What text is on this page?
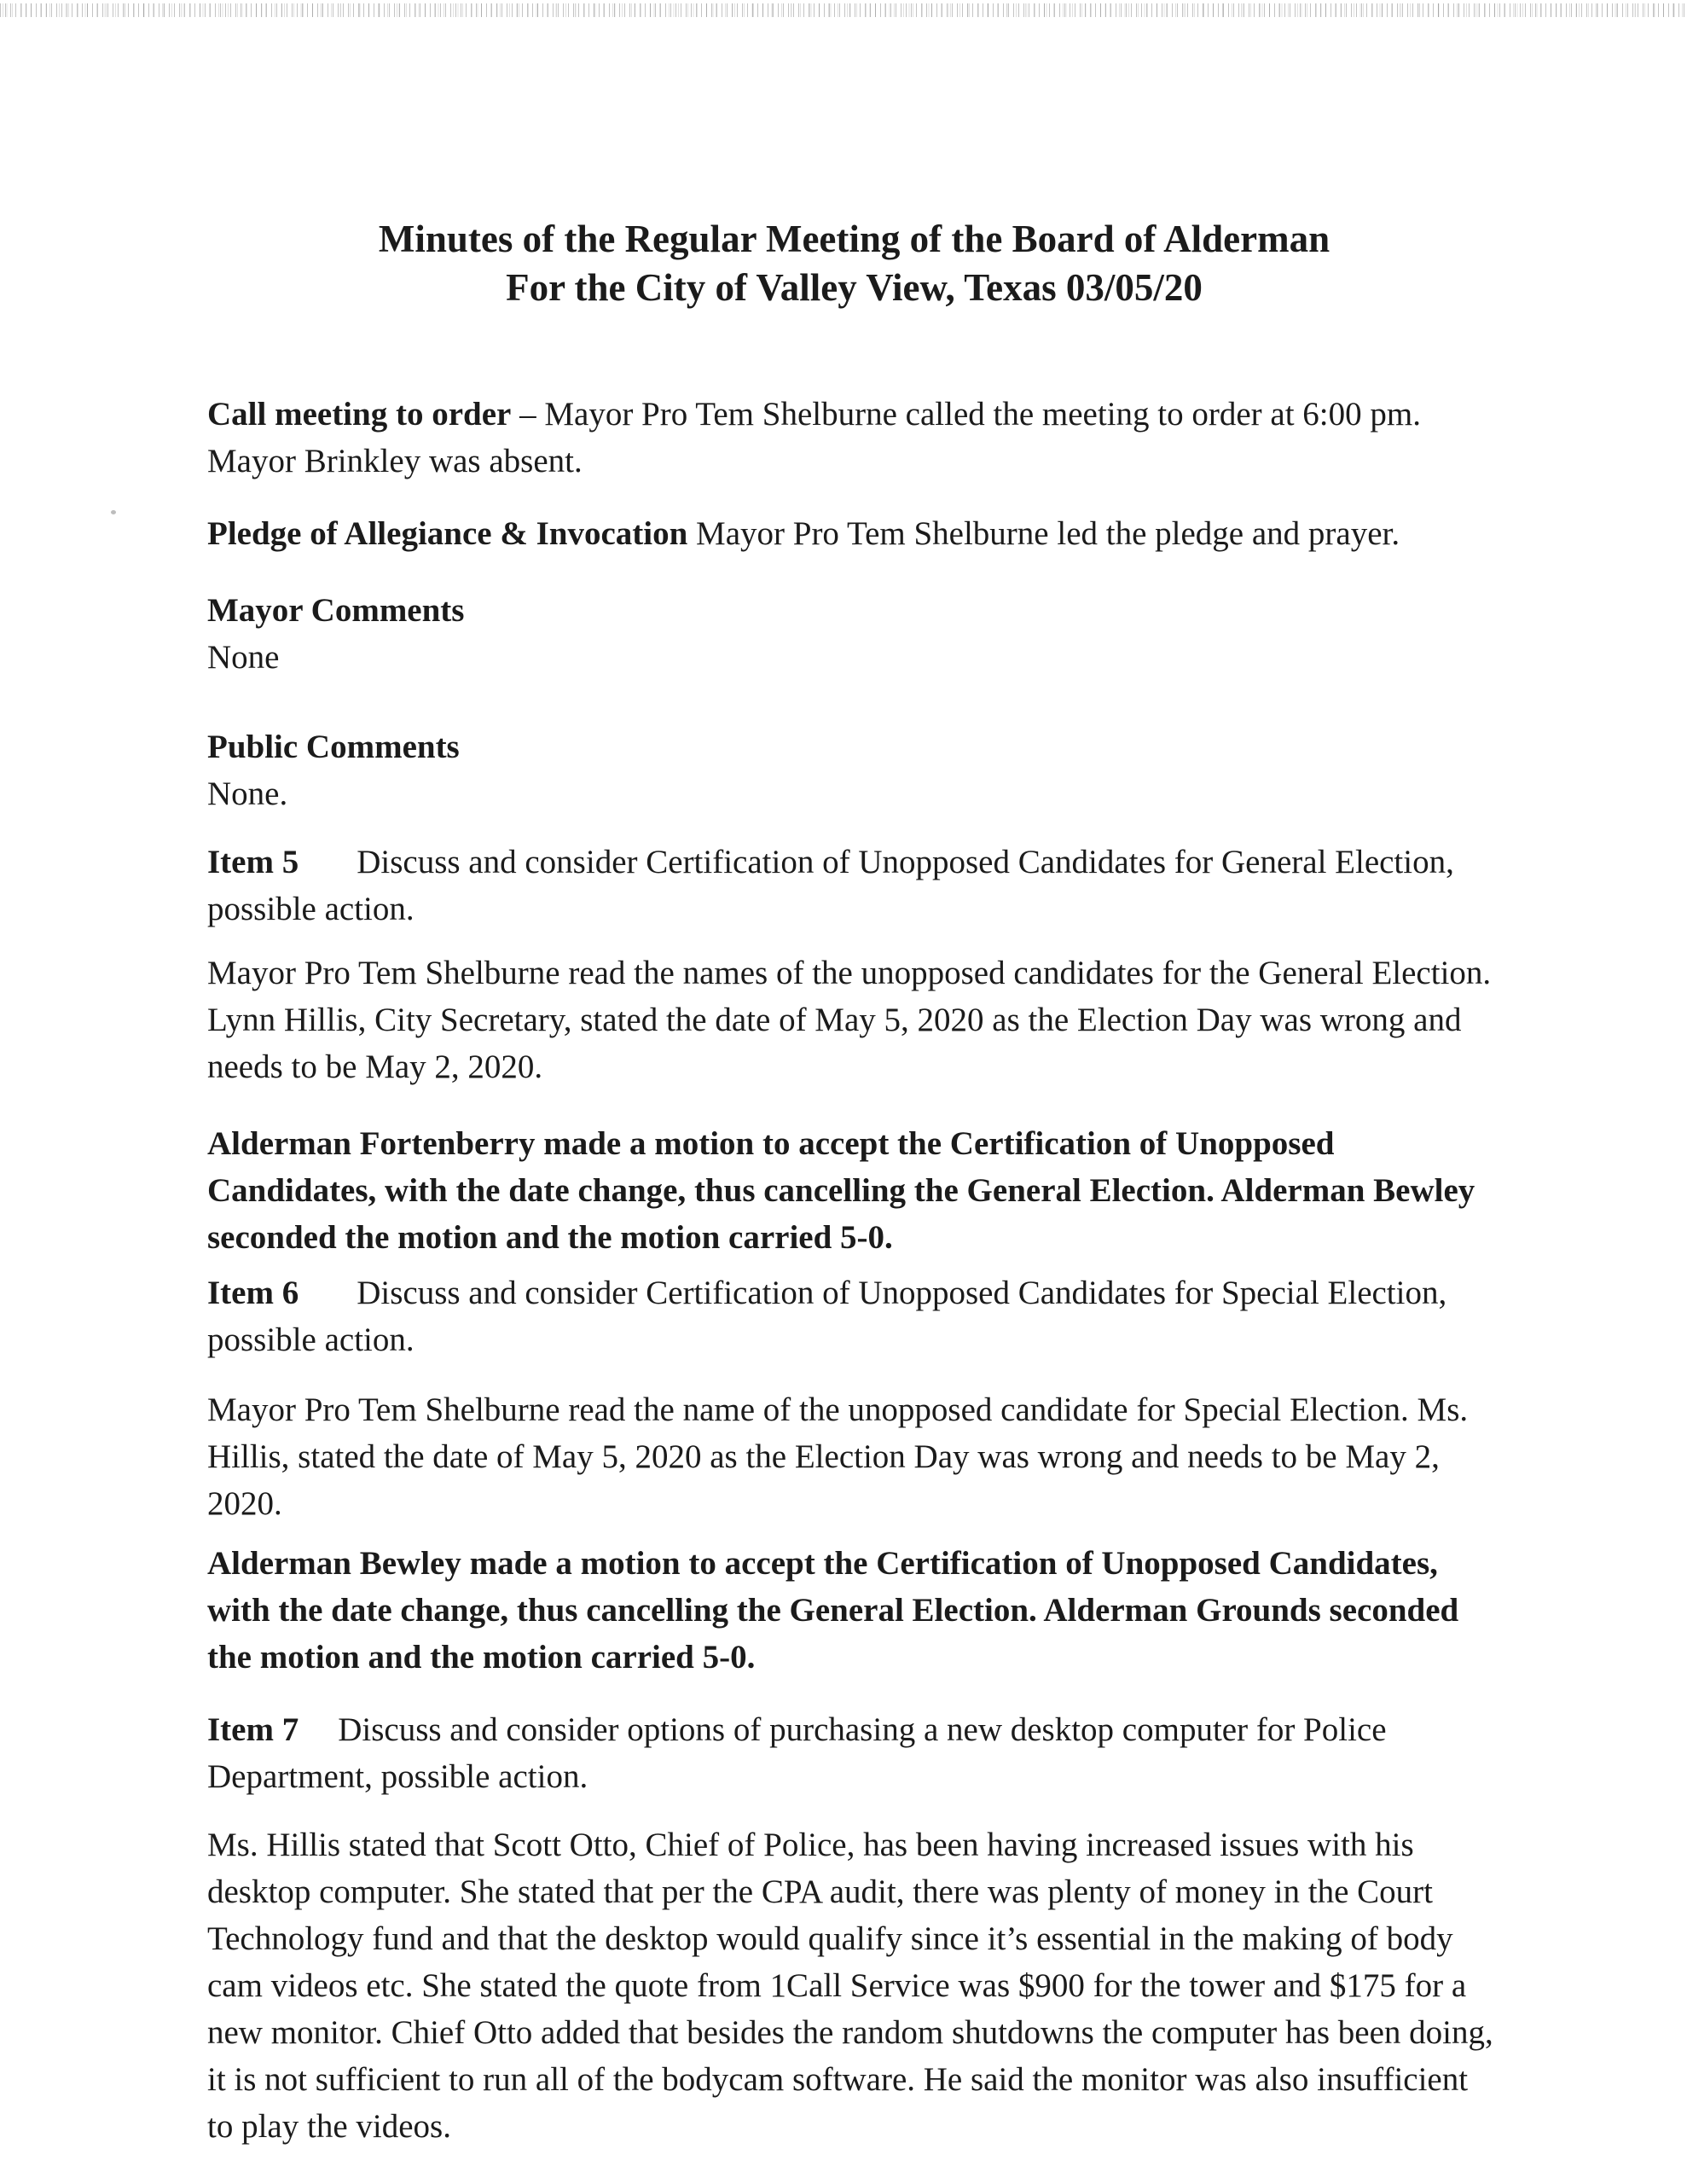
Minutes of the Regular Meeting of the Board of Alderman
For the City of Valley View, Texas 03/05/20

Call meeting to order – Mayor Pro Tem Shelburne called the meeting to order at 6:00 pm. Mayor Brinkley was absent.

Pledge of Allegiance & Invocation Mayor Pro Tem Shelburne led the pledge and prayer.

Mayor Comments
None

Public Comments
None.

Item 5 Discuss and consider Certification of Unopposed Candidates for General Election, possible action.

Mayor Pro Tem Shelburne read the names of the unopposed candidates for the General Election. Lynn Hillis, City Secretary, stated the date of May 5, 2020 as the Election Day was wrong and needs to be May 2, 2020.

Alderman Fortenberry made a motion to accept the Certification of Unopposed Candidates, with the date change, thus cancelling the General Election. Alderman Bewley seconded the motion and the motion carried 5-0.

Item 6 Discuss and consider Certification of Unopposed Candidates for Special Election, possible action.

Mayor Pro Tem Shelburne read the name of the unopposed candidate for Special Election. Ms. Hillis, stated the date of May 5, 2020 as the Election Day was wrong and needs to be May 2, 2020.

Alderman Bewley made a motion to accept the Certification of Unopposed Candidates, with the date change, thus cancelling the General Election. Alderman Grounds seconded the motion and the motion carried 5-0.

Item 7 Discuss and consider options of purchasing a new desktop computer for Police Department, possible action.

Ms. Hillis stated that Scott Otto, Chief of Police, has been having increased issues with his desktop computer. She stated that per the CPA audit, there was plenty of money in the Court Technology fund and that the desktop would qualify since it’s essential in the making of body cam videos etc. She stated the quote from 1Call Service was $900 for the tower and $175 for a new monitor. Chief Otto added that besides the random shutdowns the computer has been doing, it is not sufficient to run all of the bodycam software. He said the monitor was also insufficient to play the videos.
